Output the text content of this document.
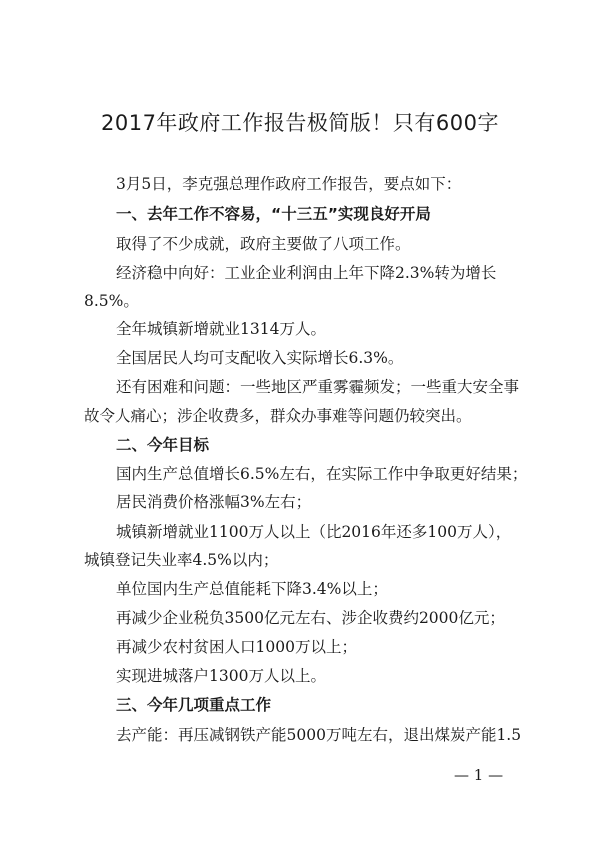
2017年政府工作报告极简版！只有600字
3月5日，李克强总理作政府工作报告，要点如下：
一、去年工作不容易，“十三五”实现良好开局
取得了不少成就，政府主要做了八项工作。
经济稳中向好：工业企业利润由上年下降2.3%转为增长
8.5%。
全年城镇新增就业1314万人。
全国居民人均可支配收入实际增长6.3%。
还有困难和问题：一些地区严重雾霾频发；一些重大安全事
故令人痛心；涉企收费多，群众办事难等问题仍较突出。
二、今年目标
国内生产总值增长6.5%左右，在实际工作中争取更好结果；
居民消费价格涨幅3%左右；
城镇新增就业1100万人以上（比2016年还多100万人），
城镇登记失业率4.5%以内；
单位国内生产总值能耗下降3.4%以上；
再减少企业税负3500亿元左右、涉企收费约2000亿元；
再减少农村贫困人口1000万以上；
实现进城落户1300万人以上。
三、今年几项重点工作
去产能：再压减钢铁产能5000万吨左右，退出煤炭产能1.5
— 1 —
